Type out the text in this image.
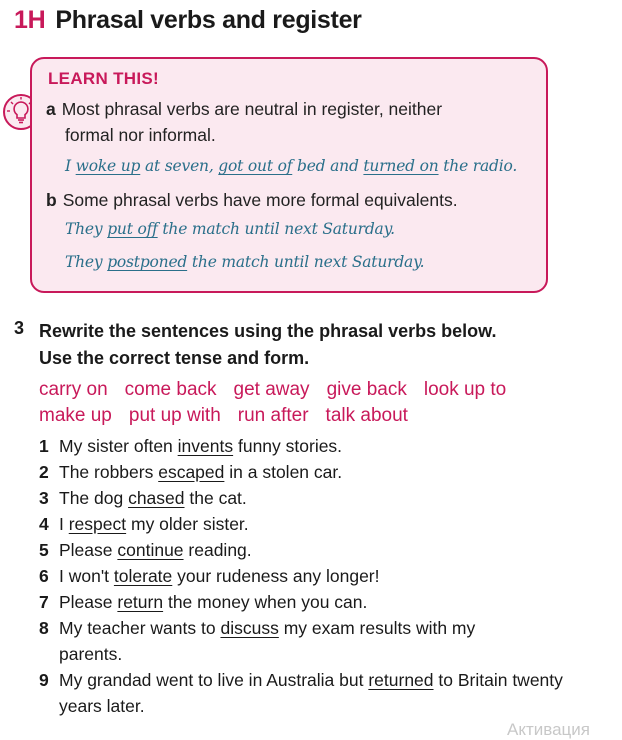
1H Phrasal verbs and register
LEARN THIS!
a Most phrasal verbs are neutral in register, neither
formal nor informal.
I woke up at seven, got out of bed and turned on the radio.
b Some phrasal verbs have more formal equivalents.
They put off the match until next Saturday.
They postponed the match until next Saturday.
3 Rewrite the sentences using the phrasal verbs below.
Use the correct tense and form.
carry on come back get away give back look up to
make up put up with run after talk about
1 My sister often invents funny stories.
2 The robbers escaped in a stolen car.
3 The dog chased the cat.
4 I respect my older sister.
5 Please continue reading.
6 I won't tolerate your rudeness any longer!
7 Please return the money when you can.
8 My teacher wants to discuss my exam results with my parents.
9 My grandad went to live in Australia but returned to Britain twenty years later.
Активация
